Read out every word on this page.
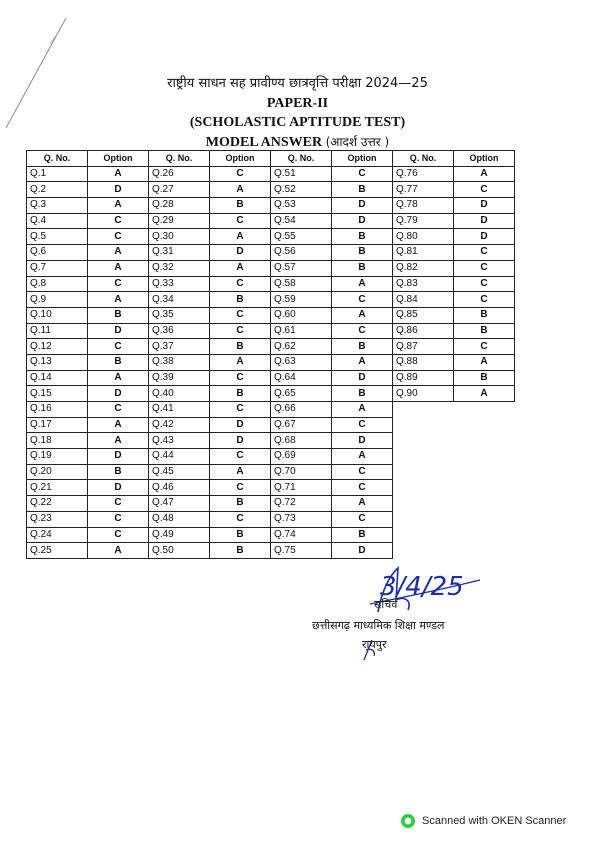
राष्ट्रीय साधन सह प्रावीण्य छात्रवृत्ति परीक्षा 2024—25
PAPER-II
(SCHOLASTIC APTITUDE TEST)
MODEL ANSWER (आदर्श उत्तर )
Q. No.	Option	Q. No.	Option	Q. No.	Option	Q. No.	Option
Q.1	A	Q.26	C	Q.51	C	Q.76	A
Q.2	D	Q.27	A	Q.52	B	Q.77	C
Q.3	A	Q.28	B	Q.53	D	Q.78	D
Q.4	C	Q.29	C	Q.54	D	Q.79	D
Q.5	C	Q.30	A	Q.55	B	Q.80	D
Q.6	A	Q.31	D	Q.56	B	Q.81	C
Q.7	A	Q.32	A	Q.57	B	Q.82	C
Q.8	C	Q.33	C	Q.58	A	Q.83	C
Q.9	A	Q.34	B	Q.59	C	Q.84	C
Q.10	B	Q.35	C	Q.60	A	Q.85	B
Q.11	D	Q.36	C	Q.61	C	Q.86	B
Q.12	C	Q.37	B	Q.62	B	Q.87	C
Q.13	B	Q.38	A	Q.63	A	Q.88	A
Q.14	A	Q.39	C	Q.64	D	Q.89	B
Q.15	D	Q.40	B	Q.65	B	Q.90	A
Q.16	C	Q.41	C	Q.66	A		
Q.17	A	Q.42	D	Q.67	C		
Q.18	A	Q.43	D	Q.68	D		
Q.19	D	Q.44	C	Q.69	A		
Q.20	B	Q.45	A	Q.70	C		
Q.21	D	Q.46	C	Q.71	C		
Q.22	C	Q.47	B	Q.72	A		
Q.23	C	Q.48	C	Q.73	C		
Q.24	C	Q.49	B	Q.74	B		
Q.25	A	Q.50	B	Q.75	D		
सचिव
3/4/25
छत्तीसगढ़ माध्यमिक शिक्षा मण्डल
रायपुर
Scanned with OKEN Scanner
